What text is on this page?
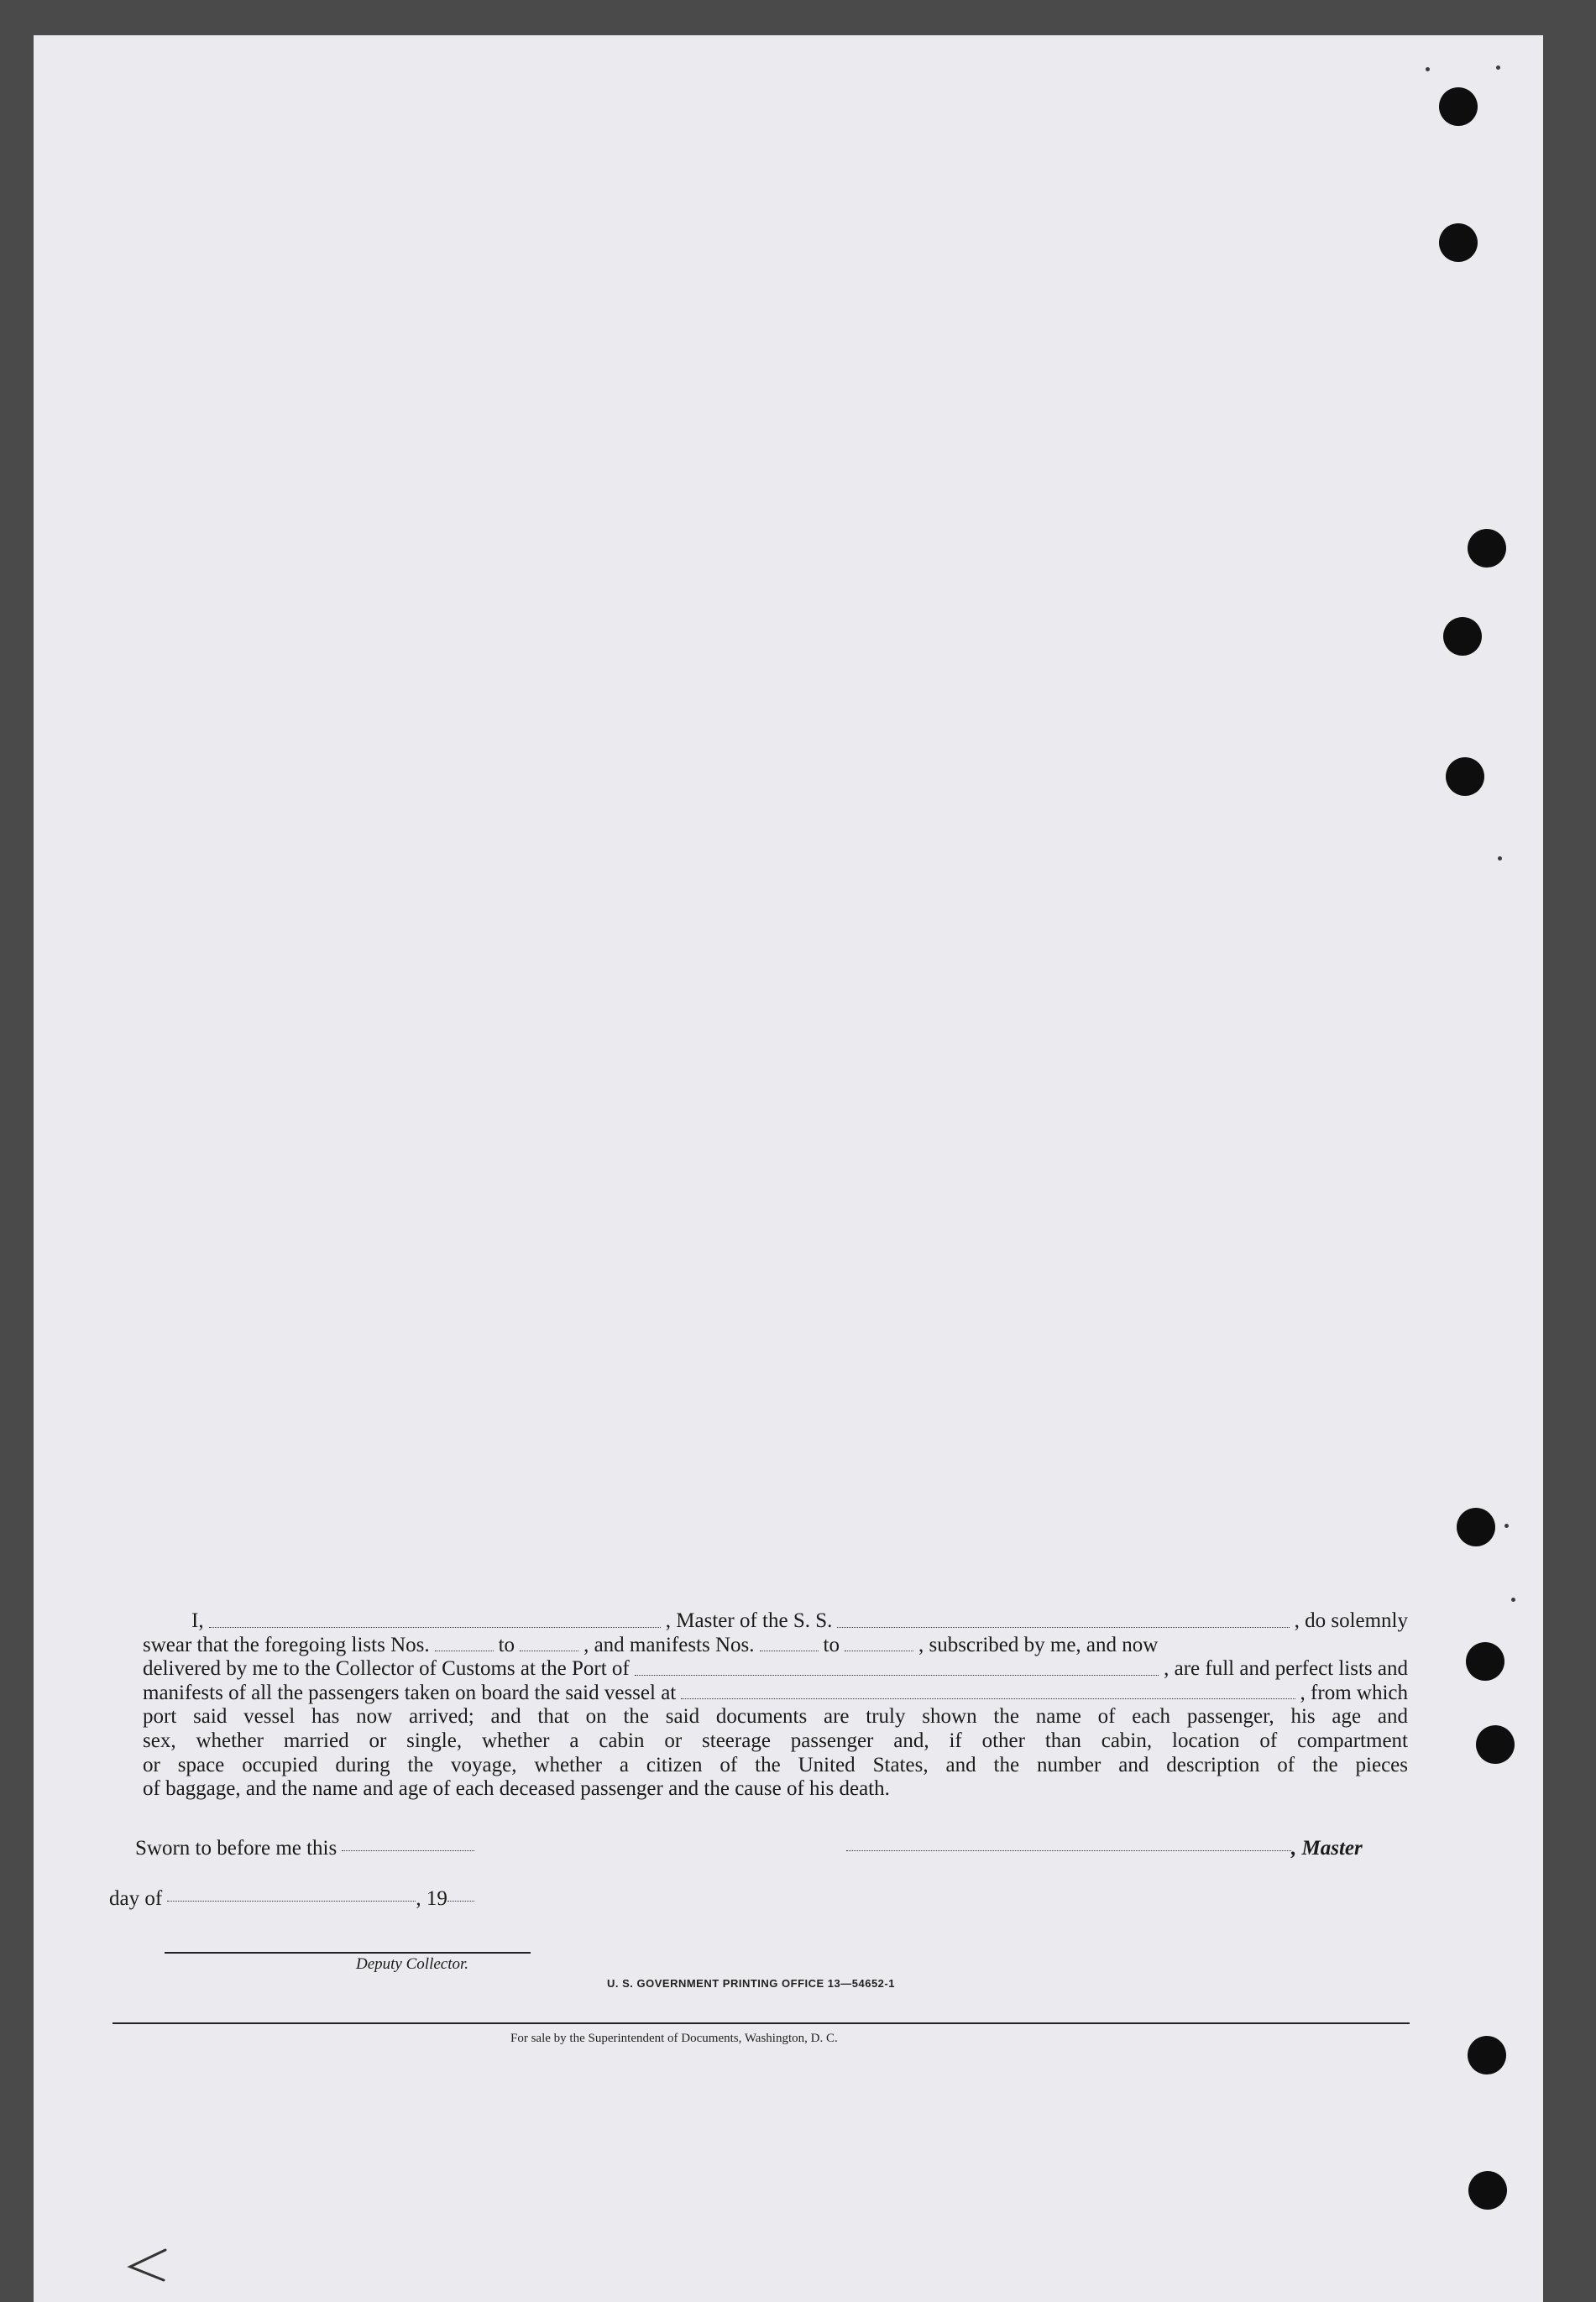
I,	, Master of the S. S.	, do solemnly
swear that the foregoing lists Nos.	to	, and manifests Nos.	to	, subscribed by me, and now
delivered by me to the Collector of Customs at the Port of	, are full and perfect lists and
manifests of all the passengers taken on board the said vessel at	, from which
port said vessel has now arrived; and that on the said documents are truly shown the name of each passenger, his age and
sex, whether married or single, whether a cabin or steerage passenger and, if other than cabin, location of compartment
or space occupied during the voyage, whether a citizen of the United States, and the number and description of the pieces
of baggage, and the name and age of each deceased passenger and the cause of his death.
Sworn to before me this	, Master
day of	, 19
Deputy Collector.
U. S. GOVERNMENT PRINTING OFFICE 13—54652-1
For sale by the Superintendent of Documents, Washington, D. C.
